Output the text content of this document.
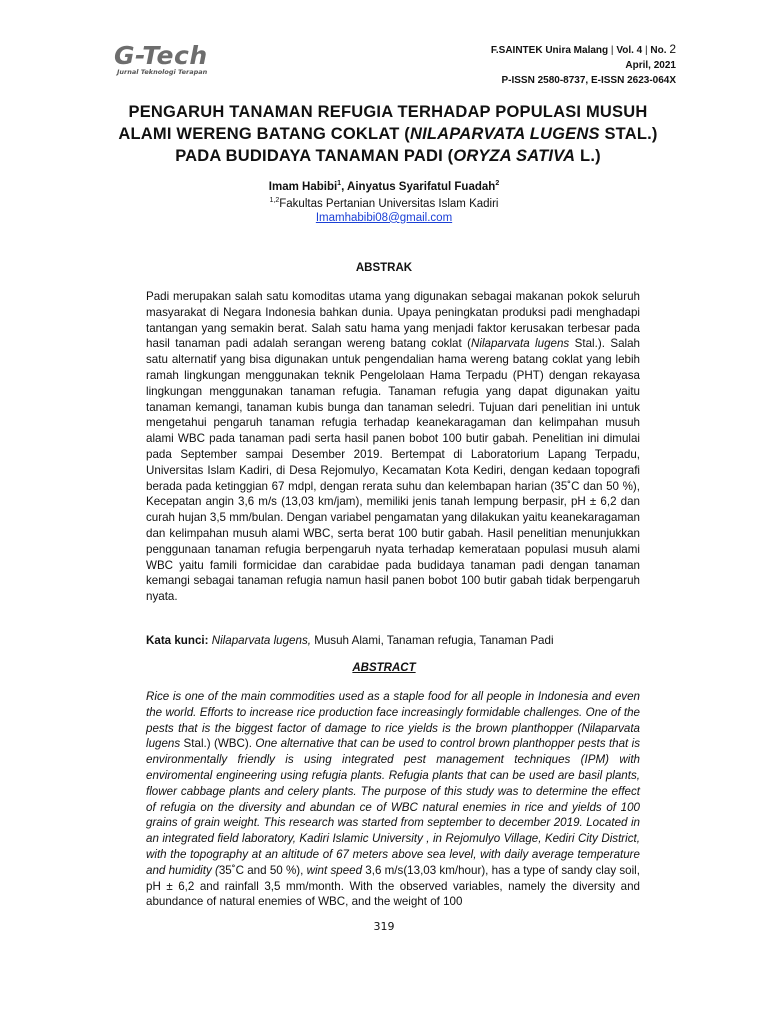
G-Tech
Jurnal Teknologi Terapan
F.SAINTEK Unira Malang | Vol. 4 | No. 2
April, 2021
P-ISSN 2580-8737, E-ISSN 2623-064X
PENGARUH TANAMAN REFUGIA TERHADAP POPULASI MUSUH ALAMI WERENG BATANG COKLAT (NILAPARVATA LUGENS STAL.) PADA BUDIDAYA TANAMAN PADI (ORYZA SATIVA L.)
Imam Habibi$^1$, Ainyatus Syarifatul Fuadah$^2$
$^{1,2}$Fakultas Pertanian Universitas Islam Kadiri
Imamhabibi08@gmail.com
ABSTRAK
Padi merupakan salah satu komoditas utama yang digunakan sebagai makanan pokok seluruh masyarakat di Negara Indonesia bahkan dunia. Upaya peningkatan produksi padi menghadapi tantangan yang semakin berat. Salah satu hama yang menjadi faktor kerusakan terbesar pada hasil tanaman padi adalah serangan wereng batang coklat (Nilaparvata lugens Stal.). Salah satu alternatif yang bisa digunakan untuk pengendalian hama wereng batang coklat yang lebih ramah lingkungan menggunakan teknik Pengelolaan Hama Terpadu (PHT) dengan rekayasa lingkungan menggunakan tanaman refugia. Tanaman refugia yang dapat digunakan yaitu tanaman kemangi, tanaman kubis bunga dan tanaman seledri. Tujuan dari penelitian ini untuk mengetahui pengaruh tanaman refugia terhadap keanekaragaman dan kelimpahan musuh alami WBC pada tanaman padi serta hasil panen bobot 100 butir gabah. Penelitian ini dimulai pada September sampai Desember 2019. Bertempat di Laboratorium Lapang Terpadu, Universitas Islam Kadiri, di Desa Rejomulyo, Kecamatan Kota Kediri, dengan kedaan topografi berada pada ketinggian 67 mdpl, dengan rerata suhu dan kelembapan harian (35˚C dan 50 %), Kecepatan angin 3,6 m/s (13,03 km/jam), memiliki jenis tanah lempung berpasir, pH ± 6,2 dan curah hujan 3,5 mm/bulan. Dengan variabel pengamatan yang dilakukan yaitu keanekaragaman dan kelimpahan musuh alami WBC, serta berat 100 butir gabah. Hasil penelitian menunjukkan penggunaan tanaman refugia berpengaruh nyata terhadap kemerataan populasi musuh alami WBC yaitu famili formicidae dan carabidae pada budidaya tanaman padi dengan tanaman kemangi sebagai tanaman refugia namun hasil panen bobot 100 butir gabah tidak berpengaruh nyata.
Kata kunci: Nilaparvata lugens, Musuh Alami, Tanaman refugia, Tanaman Padi
ABSTRACT
Rice is one of the main commodities used as a staple food for all people in Indonesia and even the world. Efforts to increase rice production face increasingly formidable challenges. One of the pests that is the biggest factor of damage to rice yields is the brown planthopper (Nilaparvata lugens Stal.) (WBC). One alternative that can be used to control brown planthopper pests that is environmentally friendly is using integrated pest management techniques (IPM) with enviromental engineering using refugia plants. Refugia plants that can be used are basil plants, flower cabbage plants and celery plants. The purpose of this study was to determine the effect of refugia on the diversity and abundan ce of WBC natural enemies in rice and yields of 100 grains of grain weight. This research was started from september to december 2019. Located in an integrated field laboratory, Kadiri Islamic University , in Rejomulyo Village, Kediri City District, with the topography at an altitude of 67 meters above sea level, with daily average temperature and humidity (35˚C and 50 %), wint speed 3,6 m/s(13,03 km/hour), has a type of sandy clay soil, pH ± 6,2 and rainfall 3,5 mm/month. With the observed variables, namely the diversity and abundance of natural enemies of WBC, and the weight of 100
319
